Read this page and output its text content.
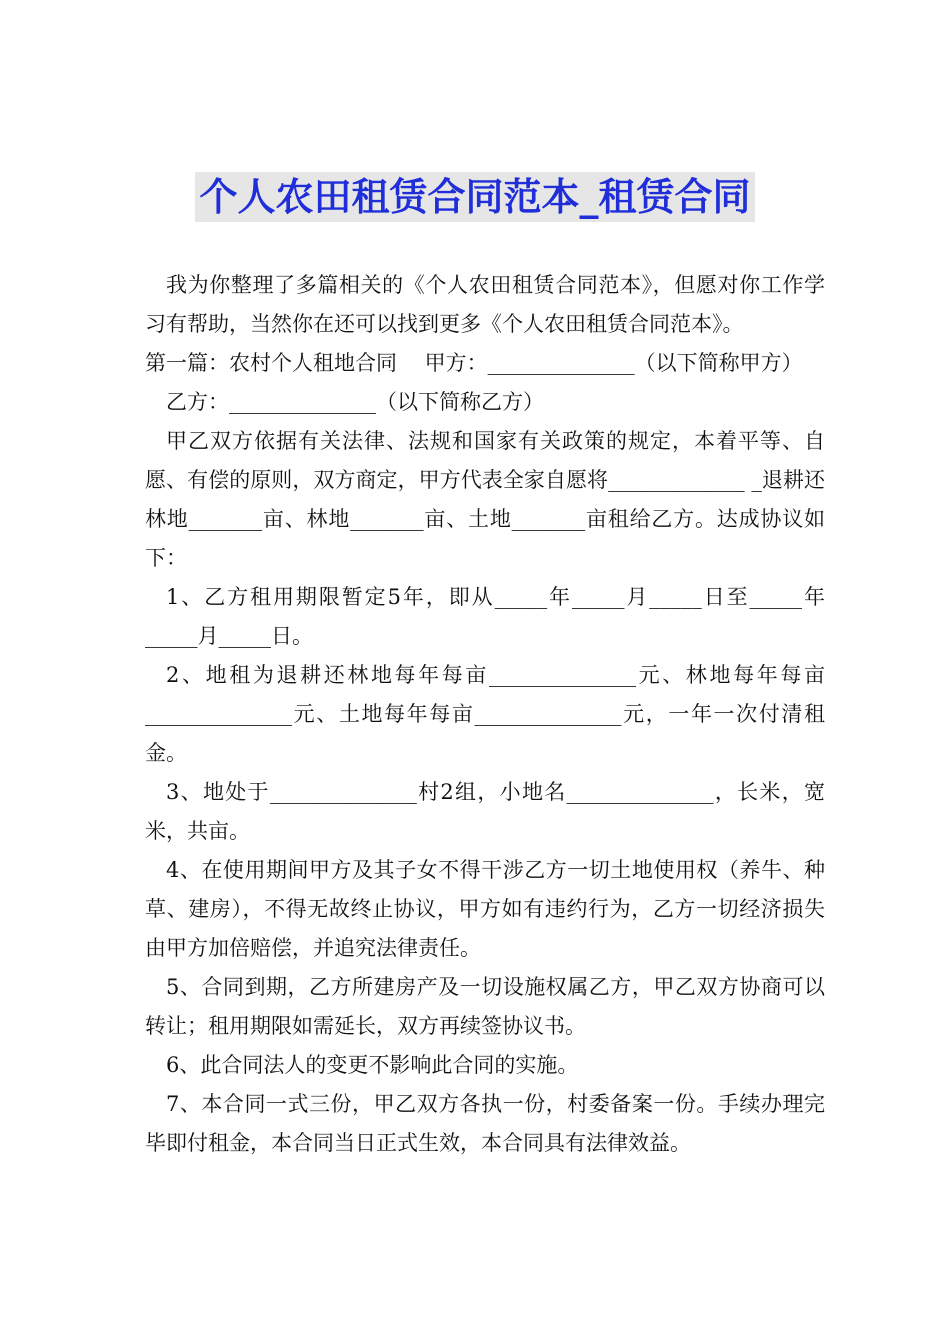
个人农田租赁合同范本_租赁合同

我为你整理了多篇相关的《个人农田租赁合同范本》，但愿对你工作学习有帮助，当然你在还可以找到更多《个人农田租赁合同范本》。

第一篇：农村个人租地合同　 甲方：______________（以下简称甲方）

乙方：______________（以下简称乙方）

甲乙双方依据有关法律、法规和国家有关政策的规定，本着平等、自愿、有偿的原则，双方商定，甲方代表全家自愿将_____________ _退耕还林地_______亩、林地_______亩、土地_______亩租给乙方。达成协议如下：

1、乙方租用期限暂定5年，即从_____年_____月_____日至_____年_____月_____日。

2、地租为退耕还林地每年每亩______________元、林地每年每亩______________元、土地每年每亩______________元，一年一次付清租金。

3、地处于______________村2组，小地名______________，长米，宽米，共亩。

4、在使用期间甲方及其子女不得干涉乙方一切土地使用权（养牛、种草、建房），不得无故终止协议，甲方如有违约行为，乙方一切经济损失由甲方加倍赔偿，并追究法律责任。

5、合同到期，乙方所建房产及一切设施权属乙方，甲乙双方协商可以转让；租用期限如需延长，双方再续签协议书。

6、此合同法人的变更不影响此合同的实施。

7、本合同一式三份，甲乙双方各执一份，村委备案一份。手续办理完毕即付租金，本合同当日正式生效，本合同具有法律效益。
